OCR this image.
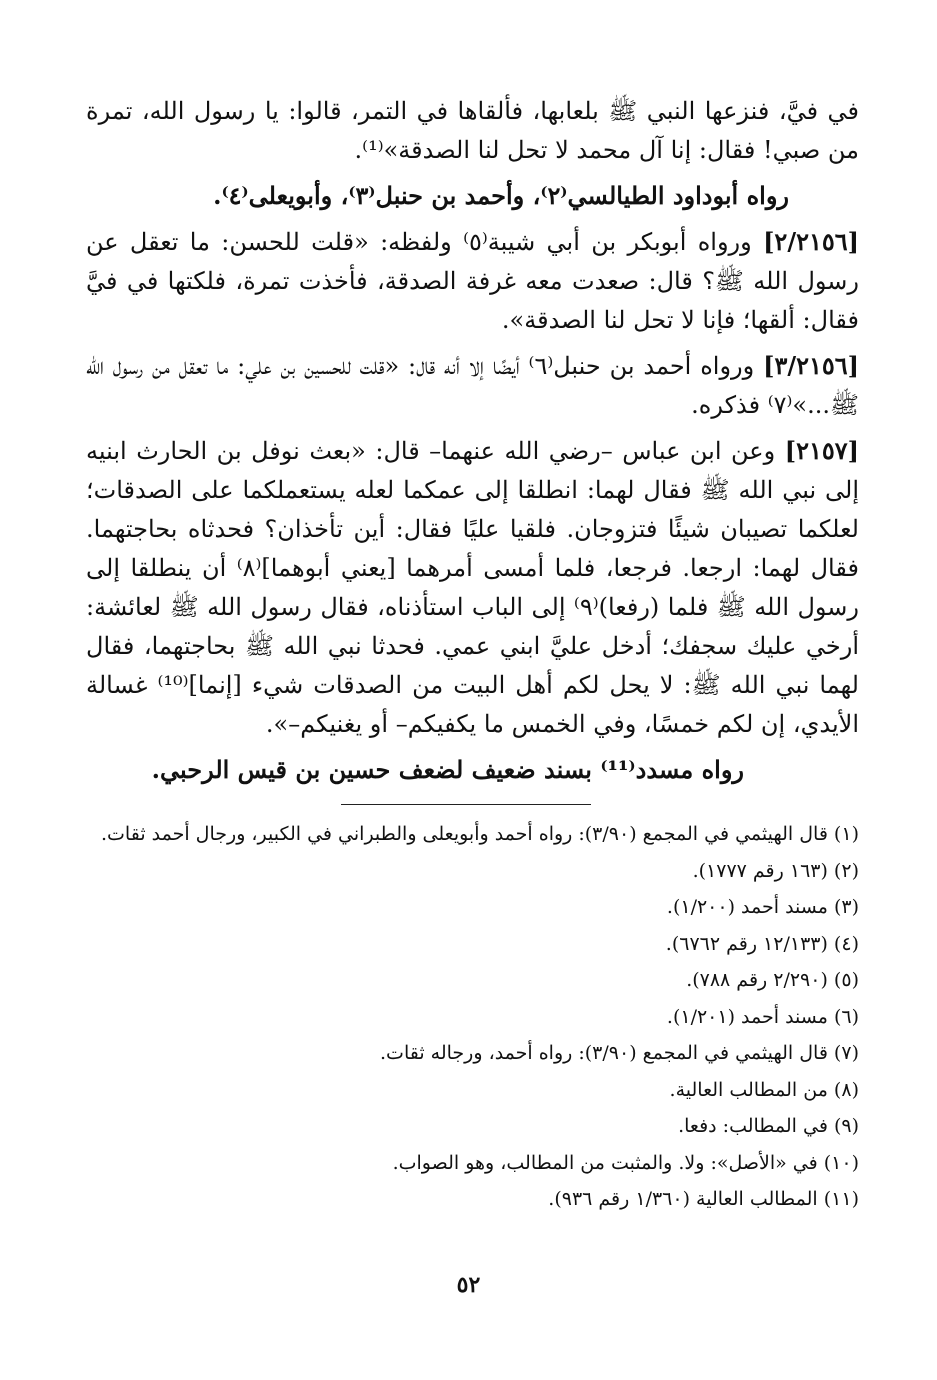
في فيَّ، فنزعها النبي ﷺ بلعابها، فألقاها في التمر، قالوا: يا رسول الله، تمرة من صبي! فقال: إنا آل محمد لا تحل لنا الصدقة»⁽¹⁾.

رواه أبوداود الطيالسي⁽٢⁾، وأحمد بن حنبل⁽٣⁾، وأبويعلى⁽٤⁾.

[٢/٢١٥٦] ورواه أبوبكر بن أبي شيبة⁽٥⁾ ولفظه: «قلت للحسن: ما تعقل عن رسول الله ﷺ؟ قال: صعدت معه غرفة الصدقة، فأخذت تمرة، فلكتها في فيَّ فقال: ألقها؛ فإنا لا تحل لنا الصدقة».

[٣/٢١٥٦] ورواه أحمد بن حنبل⁽٦⁾ أيضًا إلا أنه قال: «قلت للحسين بن علي: ما تعقل من رسول الله ﷺ...»⁽٧⁾ فذكره.

[٢١٥٧] وعن ابن عباس –رضي الله عنهما– قال: «بعث نوفل بن الحارث ابنيه إلى نبي الله ﷺ فقال لهما: انطلقا إلى عمكما لعله يستعملكما على الصدقات؛ لعلكما تصيبان شيئًا فتزوجان. فلقيا عليًا فقال: أين تأخذان؟ فحدثاه بحاجتهما. فقال لهما: ارجعا. فرجعا، فلما أمسى أمرهما [يعني أبوهما]⁽٨⁾ أن ينطلقا إلى رسول الله ﷺ فلما (رفعا)⁽٩⁾ إلى الباب استأذناه، فقال رسول الله ﷺ لعائشة: أرخي عليك سجفك؛ أدخل عليَّ ابني عمي. فحدثا نبي الله ﷺ بحاجتهما، فقال لهما نبي الله ﷺ: لا يحل لكم أهل البيت من الصدقات شيء [إنما]⁽¹⁰⁾ غسالة الأيدي، إن لكم خمسًا، وفي الخمس ما يكفيكم– أو يغنيكم–».

رواه مسدد⁽¹¹⁾ بسند ضعيف لضعف حسين بن قيس الرحبي.

(١) قال الهيثمي في المجمع (٣/٩٠): رواه أحمد وأبويعلى والطبراني في الكبير، ورجال أحمد ثقات.
(٢) (١٦٣ رقم ١٧٧٧).
(٣) مسند أحمد (١/٢٠٠).
(٤) (١٢/١٣٣ رقم ٦٧٦٢).
(٥) (٢/٢٩٠ رقم ٧٨٨).
(٦) مسند أحمد (١/٢٠١).
(٧) قال الهيثمي في المجمع (٣/٩٠): رواه أحمد، ورجاله ثقات.
(٨) من المطالب العالية.
(٩) في المطالب: دفعا.
(١٠) في «الأصل»: ولا. والمثبت من المطالب، وهو الصواب.
(١١) المطالب العالية (١/٣٦٠ رقم ٩٣٦).
٥٢
